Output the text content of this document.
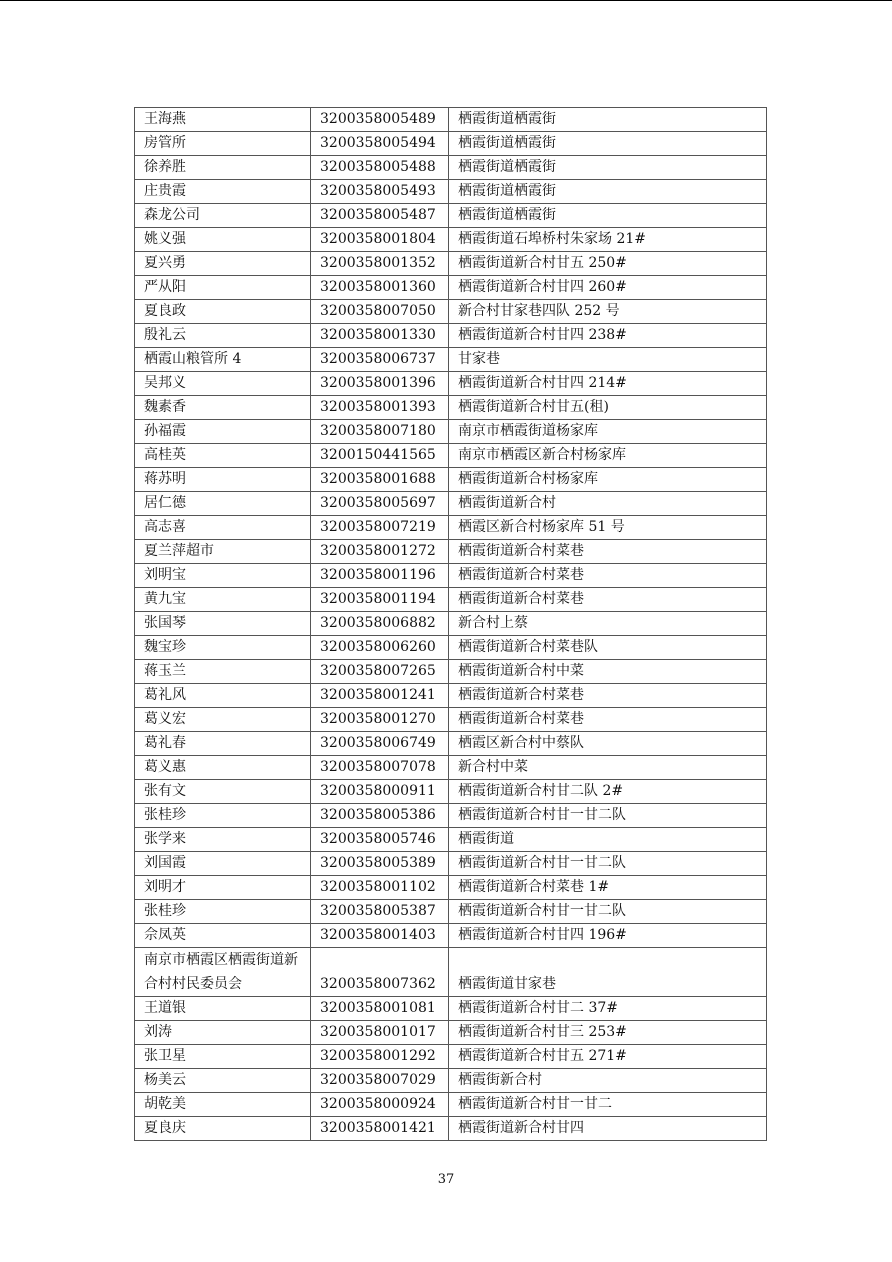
王海燕	3200358005489	栖霞街道栖霞街
房管所	3200358005494	栖霞街道栖霞街
徐养胜	3200358005488	栖霞街道栖霞街
庄贵霞	3200358005493	栖霞街道栖霞街
森龙公司	3200358005487	栖霞街道栖霞街
姚义强	3200358001804	栖霞街道石埠桥村朱家场 21#
夏兴勇	3200358001352	栖霞街道新合村甘五 250#
严从阳	3200358001360	栖霞街道新合村甘四 260#
夏良政	3200358007050	新合村甘家巷四队 252 号
殷礼云	3200358001330	栖霞街道新合村甘四 238#
栖霞山粮管所 4	3200358006737	甘家巷
吴邦义	3200358001396	栖霞街道新合村甘四 214#
魏素香	3200358001393	栖霞街道新合村甘五(租)
孙福霞	3200358007180	南京市栖霞街道杨家库
高桂英	3200150441565	南京市栖霞区新合村杨家库
蒋苏明	3200358001688	栖霞街道新合村杨家库
居仁德	3200358005697	栖霞街道新合村
高志喜	3200358007219	栖霞区新合村杨家库 51 号
夏兰萍超市	3200358001272	栖霞街道新合村菜巷
刘明宝	3200358001196	栖霞街道新合村菜巷
黄九宝	3200358001194	栖霞街道新合村菜巷
张国琴	3200358006882	新合村上蔡
魏宝珍	3200358006260	栖霞街道新合村菜巷队
蒋玉兰	3200358007265	栖霞街道新合村中菜
葛礼风	3200358001241	栖霞街道新合村菜巷
葛义宏	3200358001270	栖霞街道新合村菜巷
葛礼春	3200358006749	栖霞区新合村中蔡队
葛义惠	3200358007078	新合村中菜
张有文	3200358000911	栖霞街道新合村甘二队 2#
张桂珍	3200358005386	栖霞街道新合村甘一甘二队
张学来	3200358005746	栖霞街道
刘国霞	3200358005389	栖霞街道新合村甘一甘二队
刘明才	3200358001102	栖霞街道新合村菜巷 1#
张桂珍	3200358005387	栖霞街道新合村甘一甘二队
佘凤英	3200358001403	栖霞街道新合村甘四 196#
南京市栖霞区栖霞街道新合村村民委员会	3200358007362	栖霞街道甘家巷
王道银	3200358001081	栖霞街道新合村甘二 37#
刘涛	3200358001017	栖霞街道新合村甘三 253#
张卫星	3200358001292	栖霞街道新合村甘五 271#
杨美云	3200358007029	栖霞街新合村
胡乾美	3200358000924	栖霞街道新合村甘一甘二
夏良庆	3200358001421	栖霞街道新合村甘四
37
